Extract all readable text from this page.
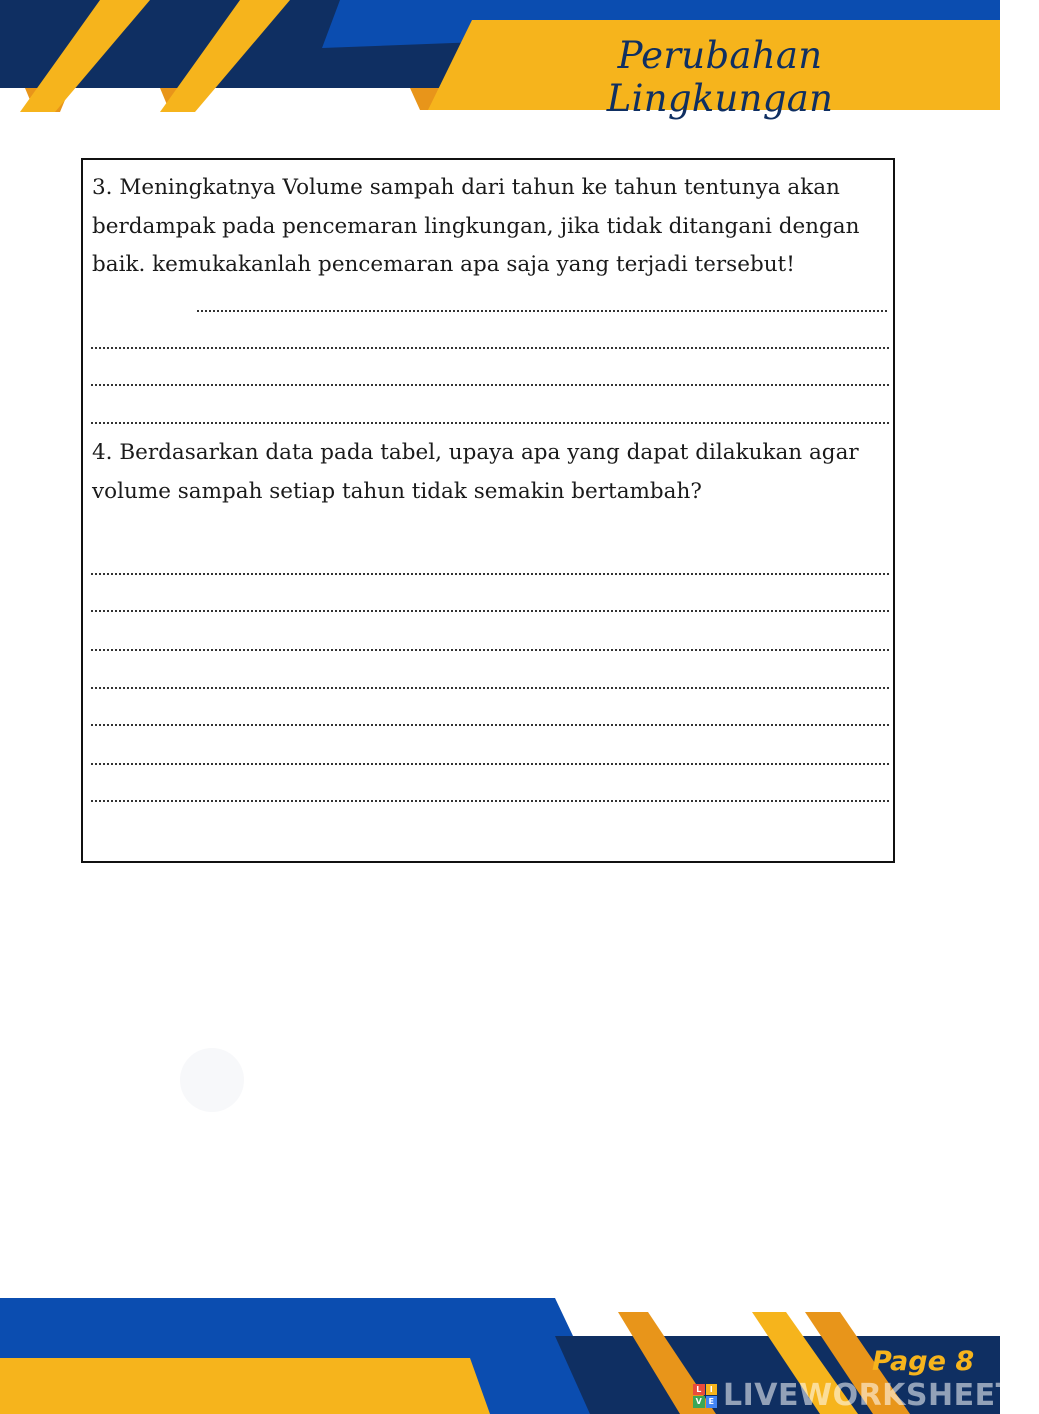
Perubahan Lingkungan

3. Meningkatnya Volume sampah dari tahun ke tahun tentunya akan berdampak pada pencemaran lingkungan, jika tidak ditangani dengan baik. kemukakanlah pencemaran apa saja yang terjadi tersebut!

4. Berdasarkan data pada tabel, upaya apa yang dapat dilakukan agar volume sampah setiap tahun tidak semakin bertambah?

Page 8
L	I
V E LIVEWORKSHEETS
